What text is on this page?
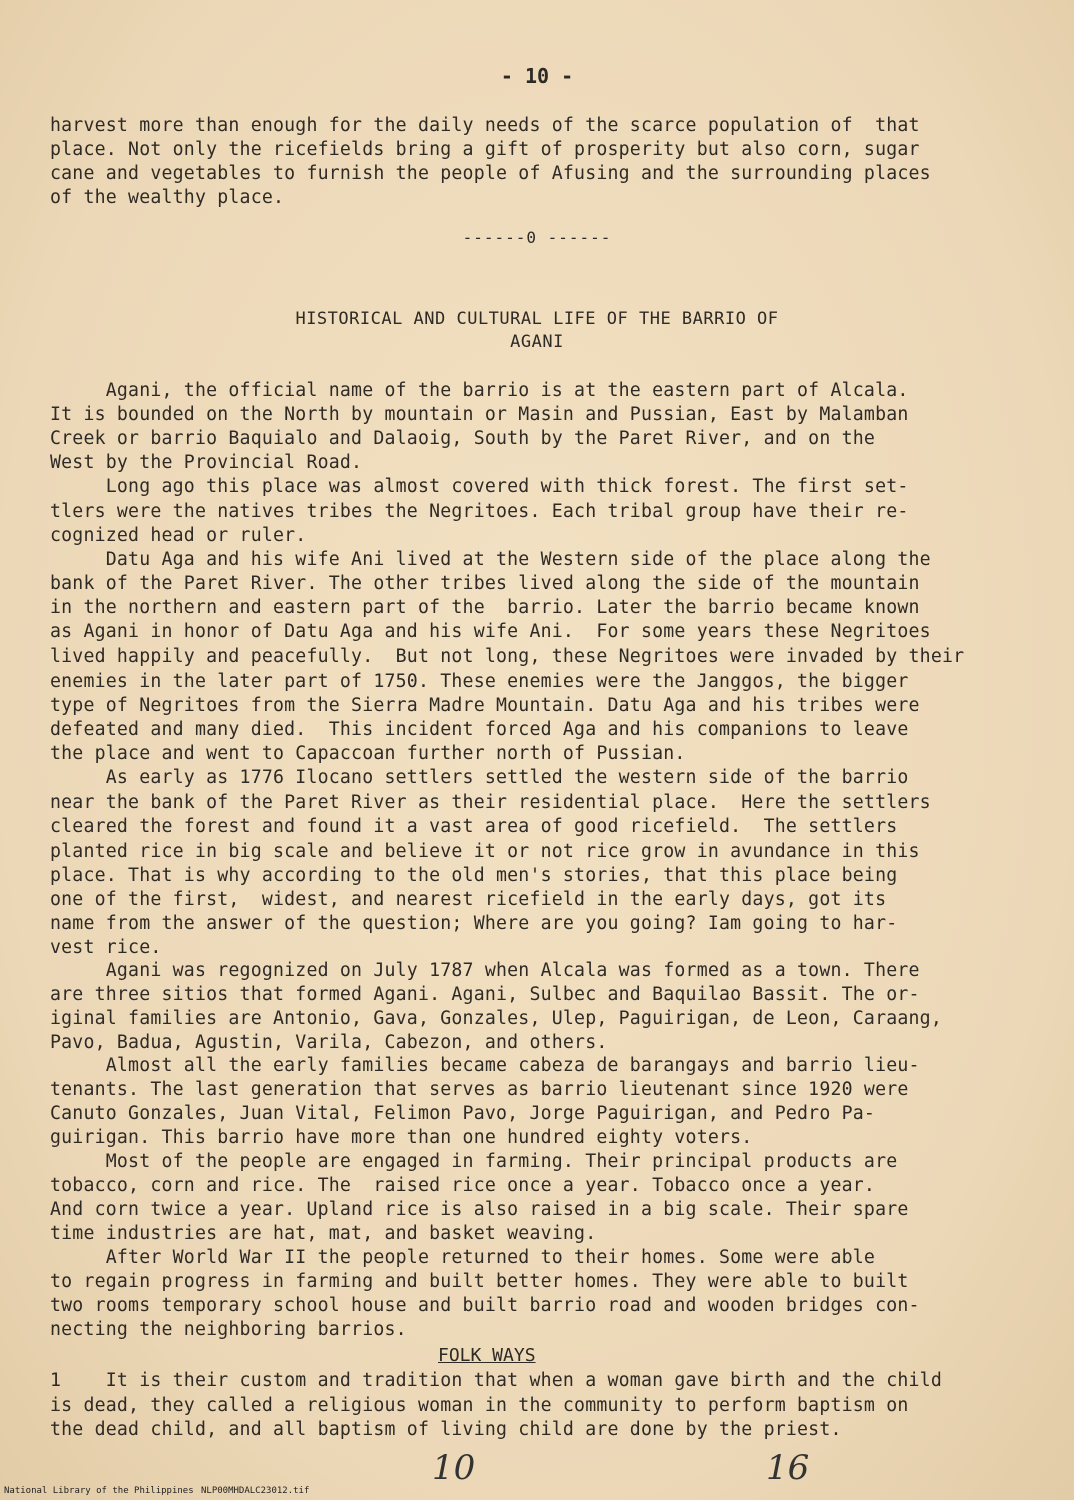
- 10 -
harvest more than enough for the daily needs of the scarce population of  that
place. Not only the ricefields bring a gift of prosperity but also corn, sugar
cane and vegetables to furnish the people of Afusing and the surrounding places
of the wealthy place.
------0 ------
HISTORICAL AND CULTURAL LIFE OF THE BARRIO OF
AGANI
Agani, the official name of the barrio is at the eastern part of Alcala.
It is bounded on the North by mountain or Masin and Pussian, East by Malamban
Creek or barrio Baquialo and Dalaoig, South by the Paret River, and on the
West by the Provincial Road.
Long ago this place was almost covered with thick forest. The first set-
tlers were the natives tribes the Negritoes. Each tribal group have their re-
cognized head or ruler.
Datu Aga and his wife Ani lived at the Western side of the place along the
bank of the Paret River. The other tribes lived along the side of the mountain
in the northern and eastern part of the  barrio. Later the barrio became known
as Agani in honor of Datu Aga and his wife Ani.  For some years these Negritoes
lived happily and peacefully.  But not long, these Negritoes were invaded by their
enemies in the later part of 1750. These enemies were the Janggos, the bigger
type of Negritoes from the Sierra Madre Mountain. Datu Aga and his tribes were
defeated and many died.  This incident forced Aga and his companions to leave
the place and went to Capaccoan further north of Pussian.
As early as 1776 Ilocano settlers settled the western side of the barrio
near the bank of the Paret River as their residential place.  Here the settlers
cleared the forest and found it a vast area of good ricefield.  The settlers
planted rice in big scale and believe it or not rice grow in avundance in this
place. That is why according to the old men's stories, that this place being
one of the first,  widest, and nearest ricefield in the early days, got its
name from the answer of the question; Where are you going? Iam going to har-
vest rice.
Agani was regognized on July 1787 when Alcala was formed as a town. There
are three sitios that formed Agani. Agani, Sulbec and Baquilao Bassit. The or-
iginal families are Antonio, Gava, Gonzales, Ulep, Paguirigan, de Leon, Caraang,
Pavo, Badua, Agustin, Varila, Cabezon, and others.
Almost all the early families became cabeza de barangays and barrio lieu-
tenants. The last generation that serves as barrio lieutenant since 1920 were
Canuto Gonzales, Juan Vital, Felimon Pavo, Jorge Paguirigan, and Pedro Pa-
guirigan. This barrio have more than one hundred eighty voters.
Most of the people are engaged in farming. Their principal products are
tobacco, corn and rice. The  raised rice once a year. Tobacco once a year.
And corn twice a year. Upland rice is also raised in a big scale. Their spare
time industries are hat, mat, and basket weaving.
After World War II the people returned to their homes. Some were able
to regain progress in farming and built better homes. They were able to built
two rooms temporary school house and built barrio road and wooden bridges con-
necting the neighboring barrios.
FOLK WAYS
1    It is their custom and tradition that when a woman gave birth and the child
is dead, they called a religious woman in the community to perform baptism on
the dead child, and all baptism of living child are done by the priest.
10	16
National Library of the Philippines NLP00MHDALC23012.tif
